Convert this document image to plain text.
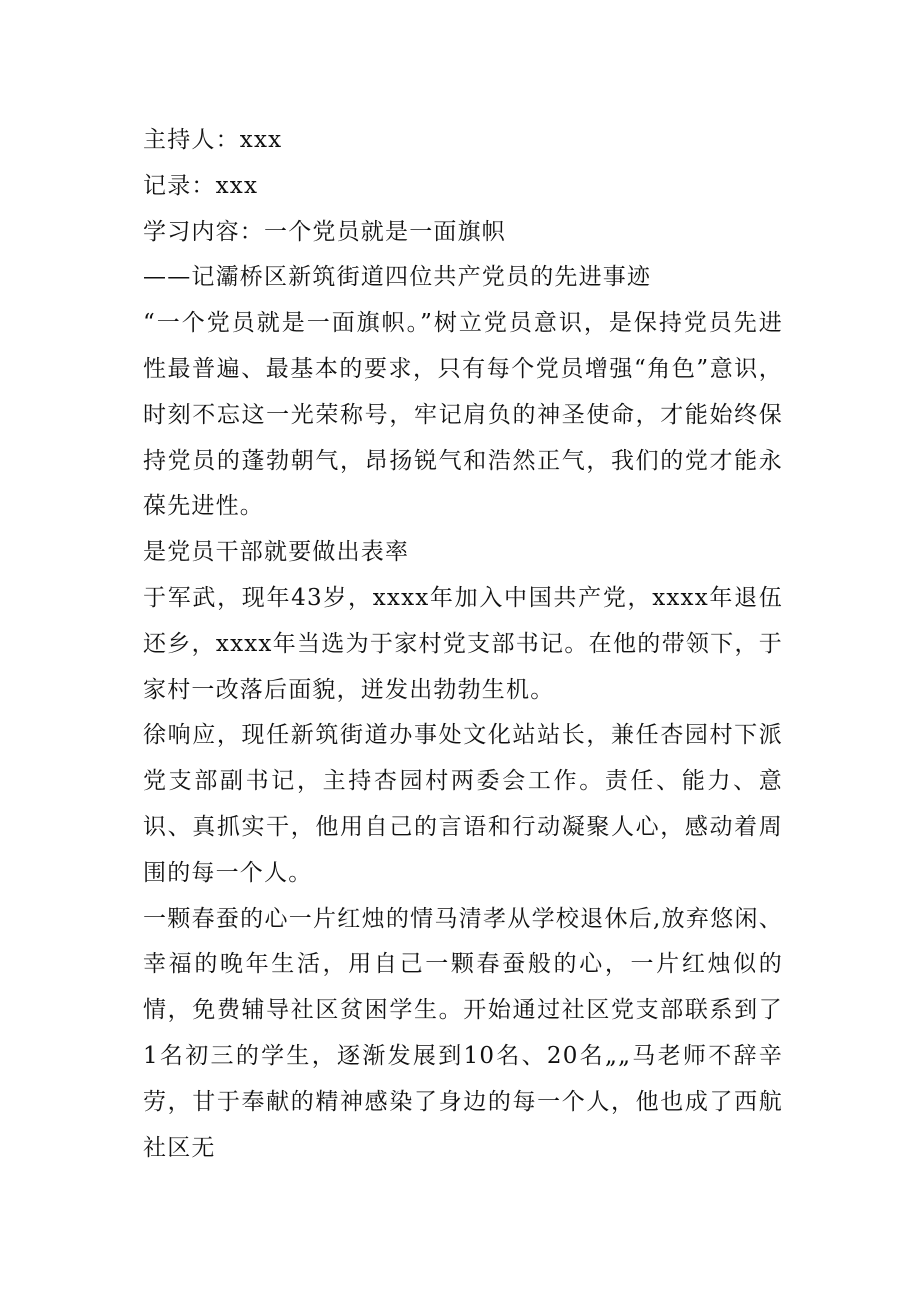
主持人：xxx

记录：xxx

学习内容：一个党员就是一面旗帜

——记灞桥区新筑街道四位共产党员的先进事迹

“一个党员就是一面旗帜。”树立党员意识，是保持党员先进性最普遍、最基本的要求，只有每个党员增强“角色”意识，时刻不忘这一光荣称号，牢记肩负的神圣使命，才能始终保持党员的蓬勃朝气，昂扬锐气和浩然正气，我们的党才能永葆先进性。

是党员干部就要做出表率

于军武，现年43岁，xxxx年加入中国共产党，xxxx年退伍还乡，xxxx年当选为于家村党支部书记。在他的带领下，于家村一改落后面貌，迸发出勃勃生机。

徐响应，现任新筑街道办事处文化站站长，兼任杏园村下派党支部副书记，主持杏园村两委会工作。责任、能力、意识、真抓实干，他用自己的言语和行动凝聚人心，感动着周围的每一个人。

一颗春蚕的心一片红烛的情马清孝从学校退休后,放弃悠闲、幸福的晚年生活，用自己一颗春蚕般的心，一片红烛似的情，免费辅导社区贫困学生。开始通过社区党支部联系到了1名初三的学生，逐渐发展到10名、20名„„马老师不辞辛劳，甘于奉献的精神感染了身边的每一个人，他也成了西航社区无
